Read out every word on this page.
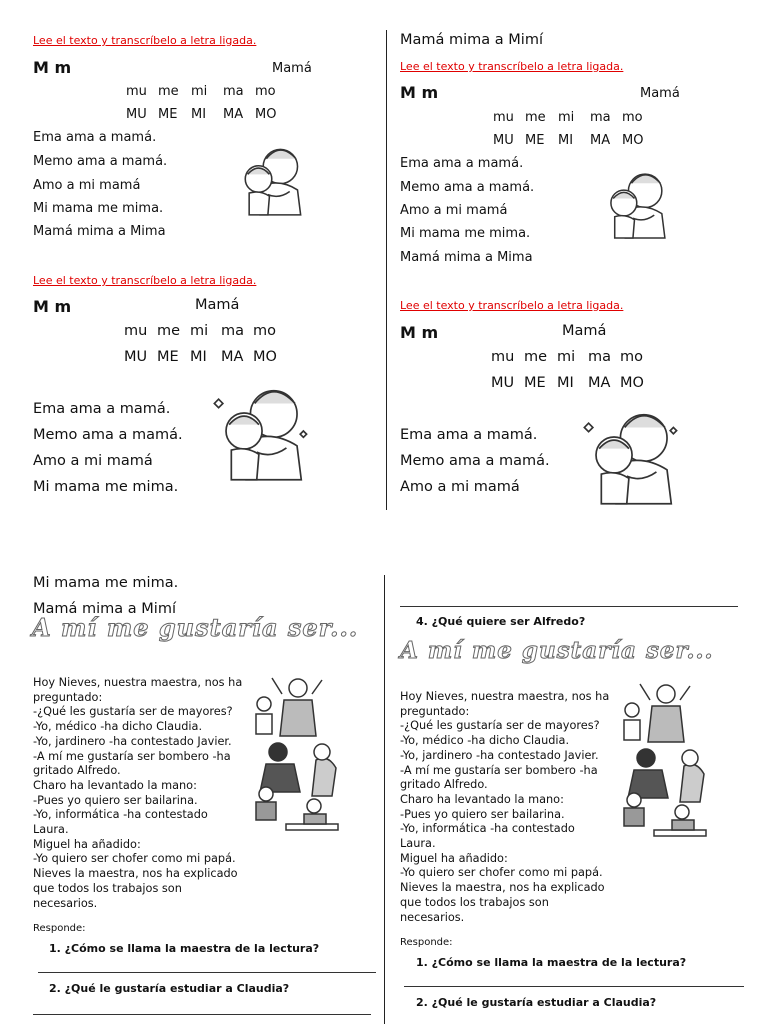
Lee el texto y transcríbelo a letra ligada.
M m	Mamá
mu me mi ma mo
MU ME MI MA MO
Ema ama a mamá.
Memo ama a mamá.
Amo a mi mamá
Mi mama me mima.
Mamá mima a Mima
Mamá mima a Mimí
Lee el texto y transcríbelo a letra ligada.
M m	Mamá
mu me mi ma mo
MU ME MI MA MO
Ema ama a mamá.
Memo ama a mamá.
Amo a mi mamá
Mi mama me mima.
Mamá mima a Mima
Lee el texto y transcríbelo a letra ligada.
M m	Mamá
mu me mi ma mo
MU ME MI MA MO
Ema ama a mamá.
Memo ama a mamá.
Amo a mi mamá
Mi mama me mima.
Lee el texto y transcríbelo a letra ligada.
M m	Mamá
mu me mi ma mo
MU ME MI MA MO
Ema ama a mamá.
Memo ama a mamá.
Amo a mi mamá
Mi mama me mima.
Mamá mima a Mimí
A mí me gustaría ser...
Hoy Nieves, nuestra maestra, nos ha
preguntado:
-¿Qué les gustaría ser de mayores?
-Yo, médico -ha dicho Claudia.
-Yo, jardinero -ha contestado Javier.
-A mí me gustaría ser bombero -ha
gritado Alfredo.
Charo ha levantado la mano:
-Pues yo quiero ser bailarina.
-Yo, informática -ha contestado
Laura.
Miguel ha añadido:
-Yo quiero ser chofer como mi papá.
Nieves la maestra, nos ha explicado
que todos los trabajos son
necesarios.
Responde:
1. ¿Cómo se llama la maestra de la lectura?
2. ¿Qué le gustaría estudiar a Claudia?
4. ¿Qué quiere ser Alfredo?
A mí me gustaría ser...
Hoy Nieves, nuestra maestra, nos ha
preguntado:
-¿Qué les gustaría ser de mayores?
-Yo, médico -ha dicho Claudia.
-Yo, jardinero -ha contestado Javier.
-A mí me gustaría ser bombero -ha
gritado Alfredo.
Charo ha levantado la mano:
-Pues yo quiero ser bailarina.
-Yo, informática -ha contestado
Laura.
Miguel ha añadido:
-Yo quiero ser chofer como mi papá.
Nieves la maestra, nos ha explicado
que todos los trabajos son
necesarios.
Responde:
1. ¿Cómo se llama la maestra de la lectura?
2. ¿Qué le gustaría estudiar a Claudia?
